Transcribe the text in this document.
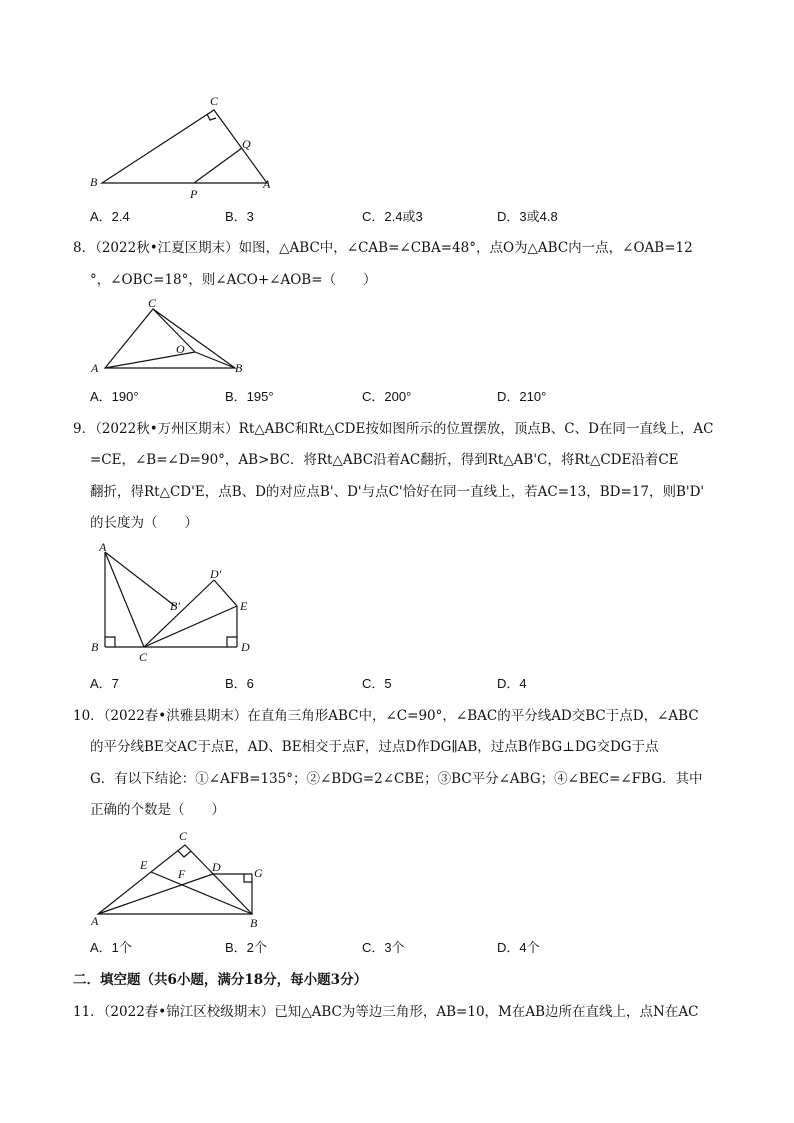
C
Q
B
P
A
A．2.4	B．3	C．2.4或3	D．3或4.8
8．（2022秋•江夏区期末）如图，△ABC中，∠CAB=∠CBA=48°，点O为△ABC内一点，∠OAB=12
°，∠OBC=18°，则∠ACO+∠AOB=（　　）
C
O
A	B
A．190°	B．195°	C．200°	D．210°
9．（2022秋•万州区期末）Rt△ABC和Rt△CDE按如图所示的位置摆放，顶点B、C、D在同一直线上，AC
=CE，∠B=∠D=90°，AB>BC．将Rt△ABC沿着AC翻折，得到Rt△AB'C，将Rt△CDE沿着CE
翻折，得Rt△CD'E，点B、D的对应点B'、D'与点C'恰好在同一直线上，若AC=13，BD=17，则B'D'
的长度为（　　）
A
D′
B′	E
B
C
D
A．7	B．6	C．5	D．4
10．（2022春•洪雅县期末）在直角三角形ABC中，∠C=90°，∠BAC的平分线AD交BC于点D，∠ABC
的平分线BE交AC于点E，AD、BE相交于点F，过点D作DG∥AB，过点B作BG⊥DG交DG于点
G．有以下结论：①∠AFB=135°；②∠BDG=2∠CBE；③BC平分∠ABG；④∠BEC=∠FBG．其中
正确的个数是（　　）
C
E	D	G
F
A	B
A．1个	B．2个	C．3个	D．4个
二．填空题（共6小题，满分18分，每小题3分）
11．（2022春•锦江区校级期末）已知△ABC为等边三角形，AB=10，M在AB边所在直线上，点N在AC
